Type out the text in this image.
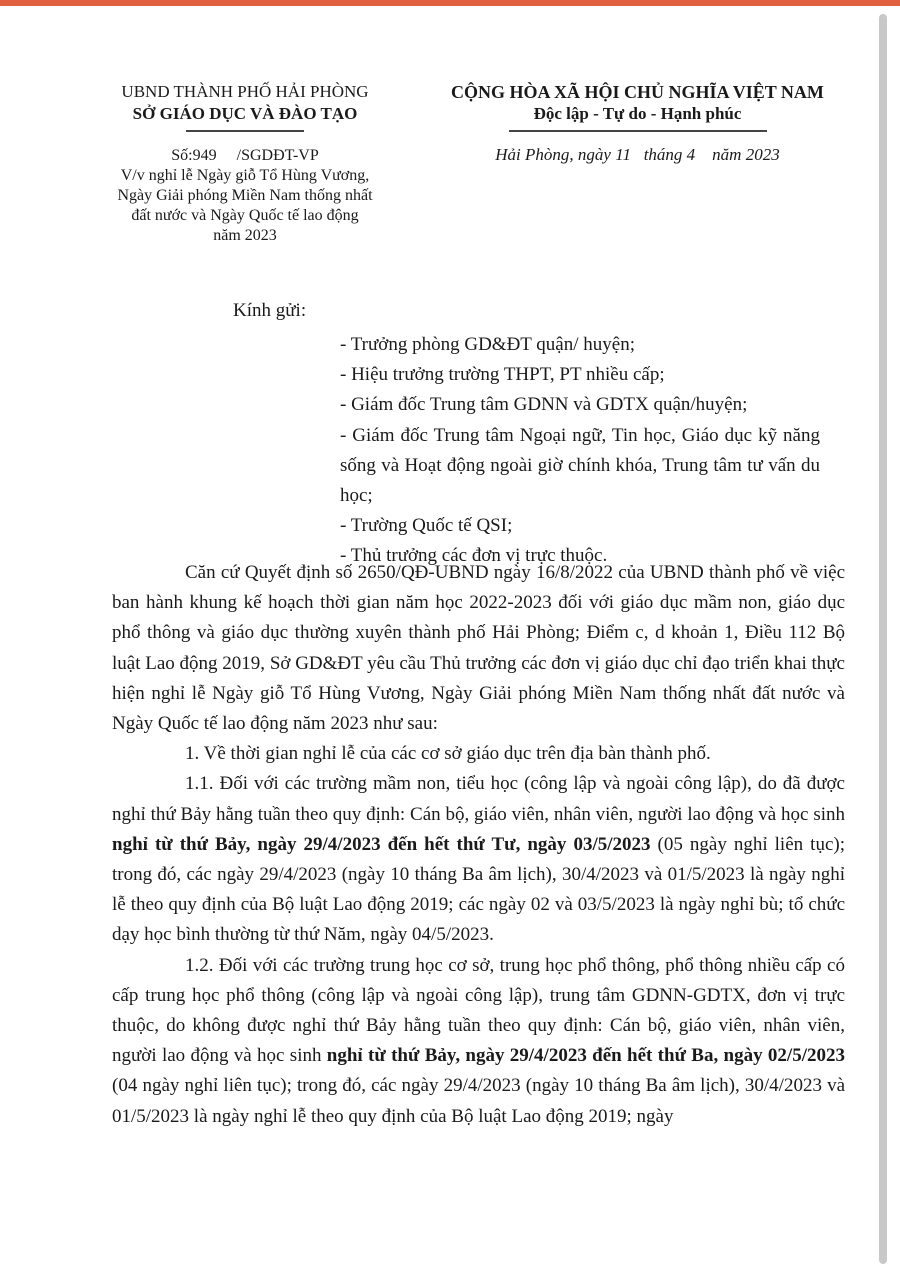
UBND THÀNH PHỐ HẢI PHÒNG
SỞ GIÁO DỤC VÀ ĐÀO TẠO
Số:949     /SGDĐT-VP
V/v nghỉ lễ Ngày giỗ Tổ Hùng Vương,
Ngày Giải phóng Miền Nam thống nhất
đất nước và Ngày Quốc tế lao động
năm 2023
CỘNG HÒA XÃ HỘI CHỦ NGHĨA VIỆT NAM
Độc lập - Tự do - Hạnh phúc
Hải Phòng, ngày 11   tháng 4    năm 2023
Kính gửi:
- Trưởng phòng GD&ĐT quận/ huyện;
- Hiệu trưởng trường THPT, PT nhiều cấp;
- Giám đốc Trung tâm GDNN và GDTX quận/huyện;
- Giám đốc Trung tâm Ngoại ngữ, Tin học, Giáo dục kỹ năng sống và Hoạt động ngoài giờ chính khóa, Trung tâm tư vấn du học;
- Trường Quốc tế QSI;
- Thủ trưởng các đơn vị trực thuộc.

Căn cứ Quyết định số 2650/QĐ-UBND ngày 16/8/2022 của UBND thành phố về việc ban hành khung kế hoạch thời gian năm học 2022-2023 đối với giáo dục mầm non, giáo dục phổ thông và giáo dục thường xuyên thành phố Hải Phòng; Điểm c, d khoản 1, Điều 112 Bộ luật Lao động 2019, Sở GD&ĐT yêu cầu Thủ trưởng các đơn vị giáo dục chỉ đạo triển khai thực hiện nghỉ lễ Ngày giỗ Tổ Hùng Vương, Ngày Giải phóng Miền Nam thống nhất đất nước và Ngày Quốc tế lao động năm 2023 như sau:

1. Về thời gian nghỉ lễ của các cơ sở giáo dục trên địa bàn thành phố.

1.1. Đối với các trường mầm non, tiểu học (công lập và ngoài công lập), do đã được nghỉ thứ Bảy hằng tuần theo quy định: Cán bộ, giáo viên, nhân viên, người lao động và học sinh nghỉ từ thứ Bảy, ngày 29/4/2023 đến hết thứ Tư, ngày 03/5/2023 (05 ngày nghỉ liên tục); trong đó, các ngày 29/4/2023 (ngày 10 tháng Ba âm lịch), 30/4/2023 và 01/5/2023 là ngày nghỉ lễ theo quy định của Bộ luật Lao động 2019; các ngày 02 và 03/5/2023 là ngày nghỉ bù; tổ chức dạy học bình thường từ thứ Năm, ngày 04/5/2023.

1.2. Đối với các trường trung học cơ sở, trung học phổ thông, phổ thông nhiều cấp có cấp trung học phổ thông (công lập và ngoài công lập), trung tâm GDNN-GDTX, đơn vị trực thuộc, do không được nghỉ thứ Bảy hằng tuần theo quy định: Cán bộ, giáo viên, nhân viên, người lao động và học sinh nghỉ từ thứ Bảy, ngày 29/4/2023 đến hết thứ Ba, ngày 02/5/2023 (04 ngày nghỉ liên tục); trong đó, các ngày 29/4/2023 (ngày 10 tháng Ba âm lịch), 30/4/2023 và 01/5/2023 là ngày nghỉ lễ theo quy định của Bộ luật Lao động 2019; ngày
